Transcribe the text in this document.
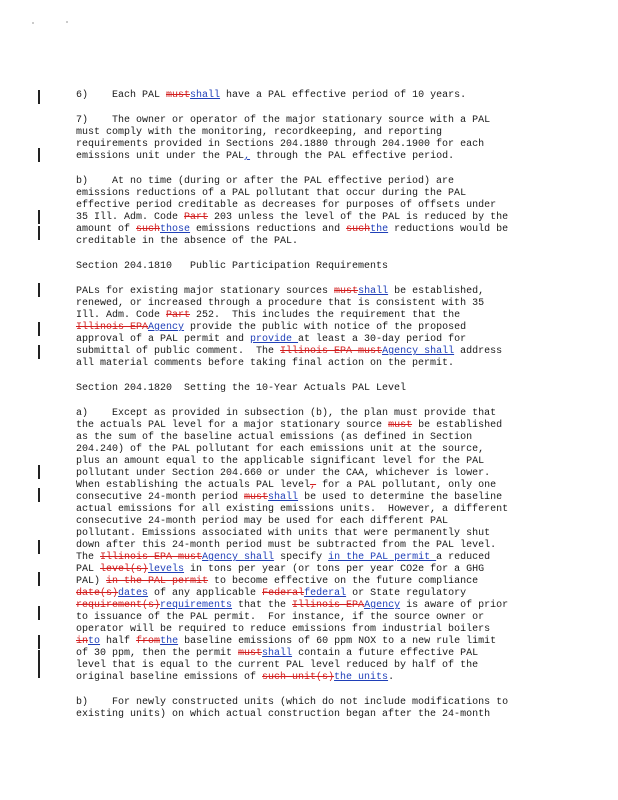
6)    Each PAL mustshall have a PAL effective period of 10 years.
7)    The owner or operator of the major stationary source with a PAL
must comply with the monitoring, recordkeeping, and reporting
requirements provided in Sections 204.1880 through 204.1900 for each
emissions unit under the PAL, through the PAL effective period.
b)    At no time (during or after the PAL effective period) are
emissions reductions of a PAL pollutant that occur during the PAL
effective period creditable as decreases for purposes of offsets under
35 Ill. Adm. Code Part 203 unless the level of the PAL is reduced by the
amount of suchthose emissions reductions and suchthe reductions would be
creditable in the absence of the PAL.
Section 204.1810   Public Participation Requirements
PALs for existing major stationary sources mustshall be established,
renewed, or increased through a procedure that is consistent with 35
Ill. Adm. Code Part 252.  This includes the requirement that the
Illinois EPAAgency provide the public with notice of the proposed
approval of a PAL permit and provide at least a 30-day period for
submittal of public comment.  The Illinois EPA mustAgency shall address
all material comments before taking final action on the permit.
Section 204.1820  Setting the 10-Year Actuals PAL Level
a)    Except as provided in subsection (b), the plan must provide that
the actuals PAL level for a major stationary source must be established
as the sum of the baseline actual emissions (as defined in Section
204.240) of the PAL pollutant for each emissions unit at the source,
plus an amount equal to the applicable significant level for the PAL
pollutant under Section 204.660 or under the CAA, whichever is lower.
When establishing the actuals PAL level, for a PAL pollutant, only one
consecutive 24-month period mustshall be used to determine the baseline
actual emissions for all existing emissions units.  However, a different
consecutive 24-month period may be used for each different PAL
pollutant. Emissions associated with units that were permanently shut
down after this 24-month period must be subtracted from the PAL level.
The Illinois EPA mustAgency shall specify in the PAL permit a reduced
PAL level(s)levels in tons per year (or tons per year CO2e for a GHG
PAL) in the PAL permit to become effective on the future compliance
date(s)dates of any applicable Federalfederal or State regulatory
requirement(s)requirements that the Illinois EPAAgency is aware of prior
to issuance of the PAL permit.  For instance, if the source owner or
operator will be required to reduce emissions from industrial boilers
into half fromthe baseline emissions of 60 ppm NOX to a new rule limit
of 30 ppm, then the permit mustshall contain a future effective PAL
level that is equal to the current PAL level reduced by half of the
original baseline emissions of such unit(s)the units.
b)    For newly constructed units (which do not include modifications to
existing units) on which actual construction began after the 24-month
